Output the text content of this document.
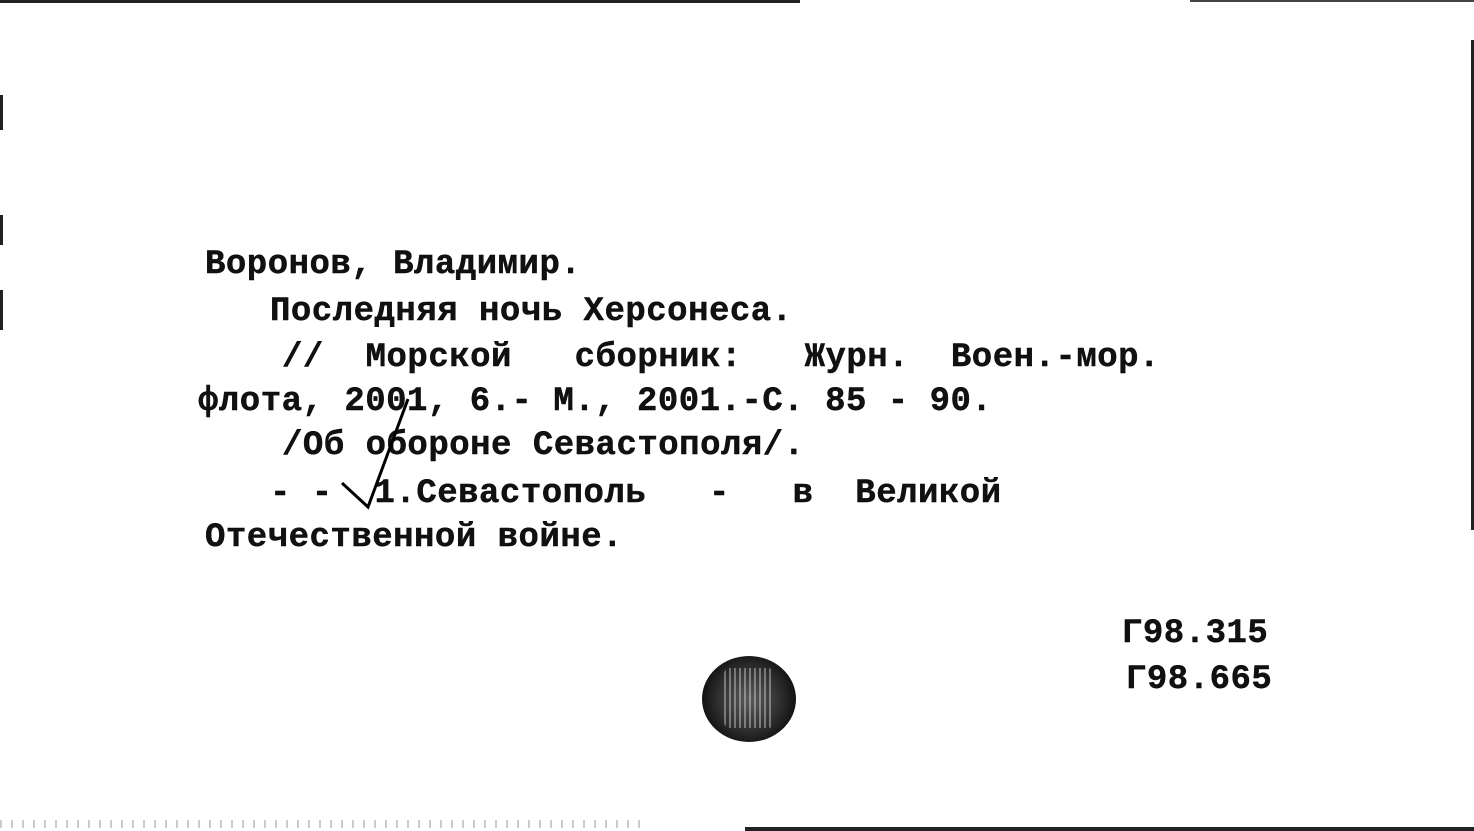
Воронов, Владимир.
Последняя ночь Херсонеса.
//  Морской   сборник:   Журн.  Воен.-мор.
флота, 2001, 6.- М., 2001.-С. 85 - 90.
/Об обороне Севастополя/.
- -  1.Севастополь   -   в  Великой
Отечественной войне.
Г98.315
Г98.665
